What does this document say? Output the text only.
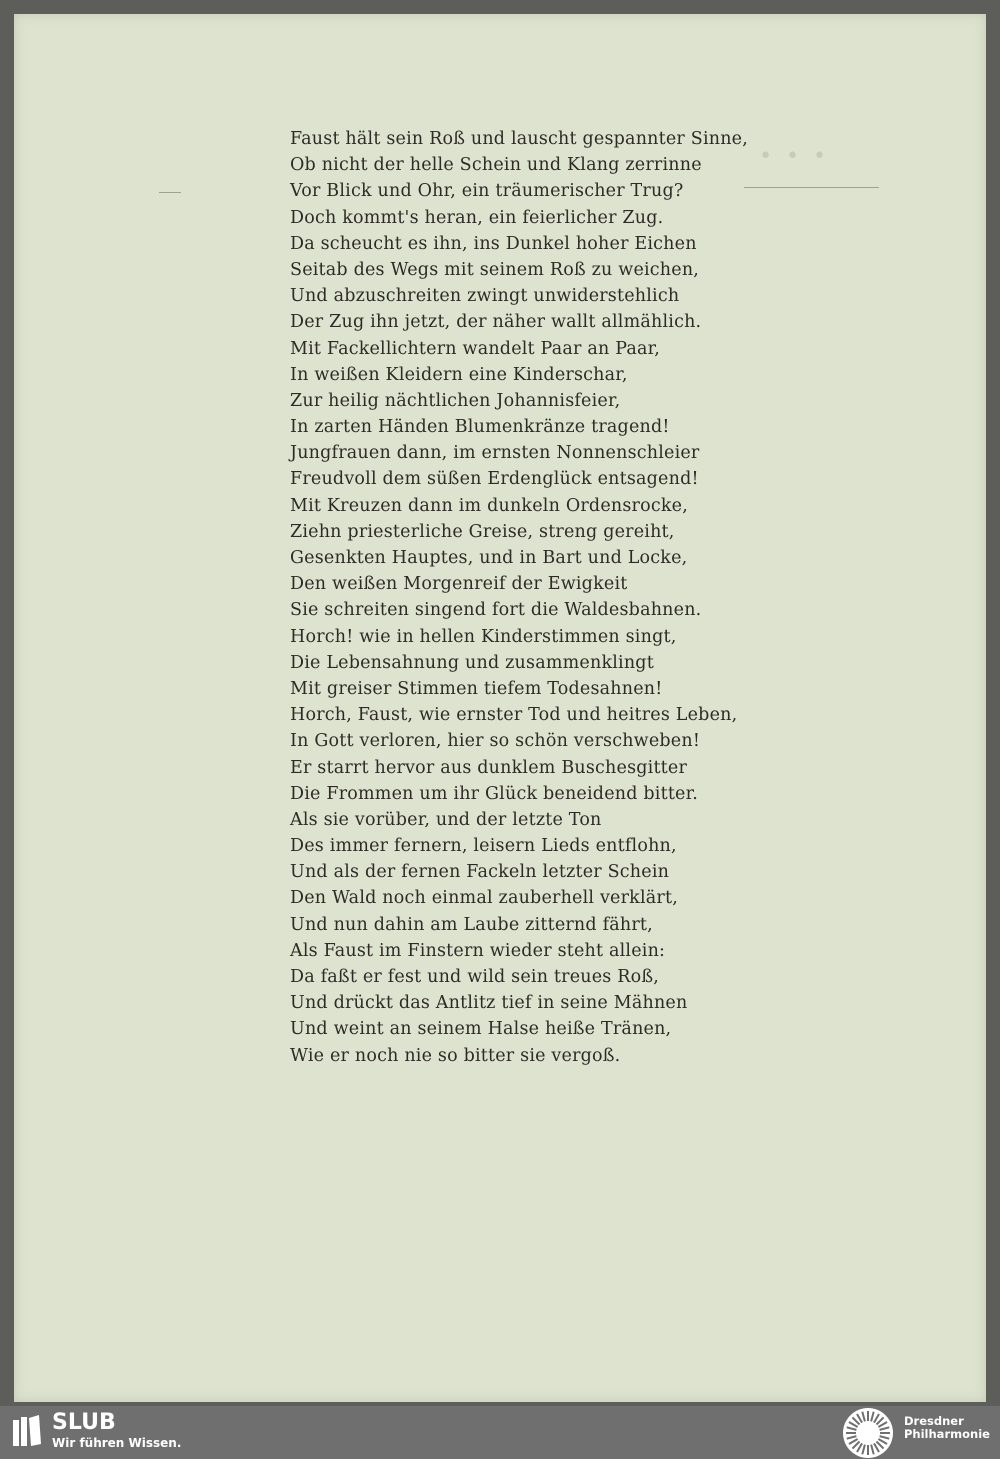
•••
Faust hält sein Roß und lauscht gespannter Sinne,
Ob nicht der helle Schein und Klang zerrinne
Vor Blick und Ohr, ein träumerischer Trug?
Doch kommt's heran, ein feierlicher Zug.
Da scheucht es ihn, ins Dunkel hoher Eichen
Seitab des Wegs mit seinem Roß zu weichen,
Und abzuschreiten zwingt unwiderstehlich
Der Zug ihn jetzt, der näher wallt allmählich.
Mit Fackellichtern wandelt Paar an Paar,
In weißen Kleidern eine Kinderschar,
Zur heilig nächtlichen Johannisfeier,
In zarten Händen Blumenkränze tragend!
Jungfrauen dann, im ernsten Nonnenschleier
Freudvoll dem süßen Erdenglück entsagend!
Mit Kreuzen dann im dunkeln Ordensrocke,
Ziehn priesterliche Greise, streng gereiht,
Gesenkten Hauptes, und in Bart und Locke,
Den weißen Morgenreif der Ewigkeit
Sie schreiten singend fort die Waldesbahnen.
Horch! wie in hellen Kinderstimmen singt,
Die Lebensahnung und zusammenklingt
Mit greiser Stimmen tiefem Todesahnen!
Horch, Faust, wie ernster Tod und heitres Leben,
In Gott verloren, hier so schön verschweben!
Er starrt hervor aus dunklem Buschesgitter
Die Frommen um ihr Glück beneidend bitter.
Als sie vorüber, und der letzte Ton
Des immer fernern, leisern Lieds entflohn,
Und als der fernen Fackeln letzter Schein
Den Wald noch einmal zauberhell verklärt,
Und nun dahin am Laube zitternd fährt,
Als Faust im Finstern wieder steht allein:
Da faßt er fest und wild sein treues Roß,
Und drückt das Antlitz tief in seine Mähnen
Und weint an seinem Halse heiße Tränen,
Wie er noch nie so bitter sie vergoß.
SLUB
Wir führen Wissen.
Dresdner
Philharmonie
